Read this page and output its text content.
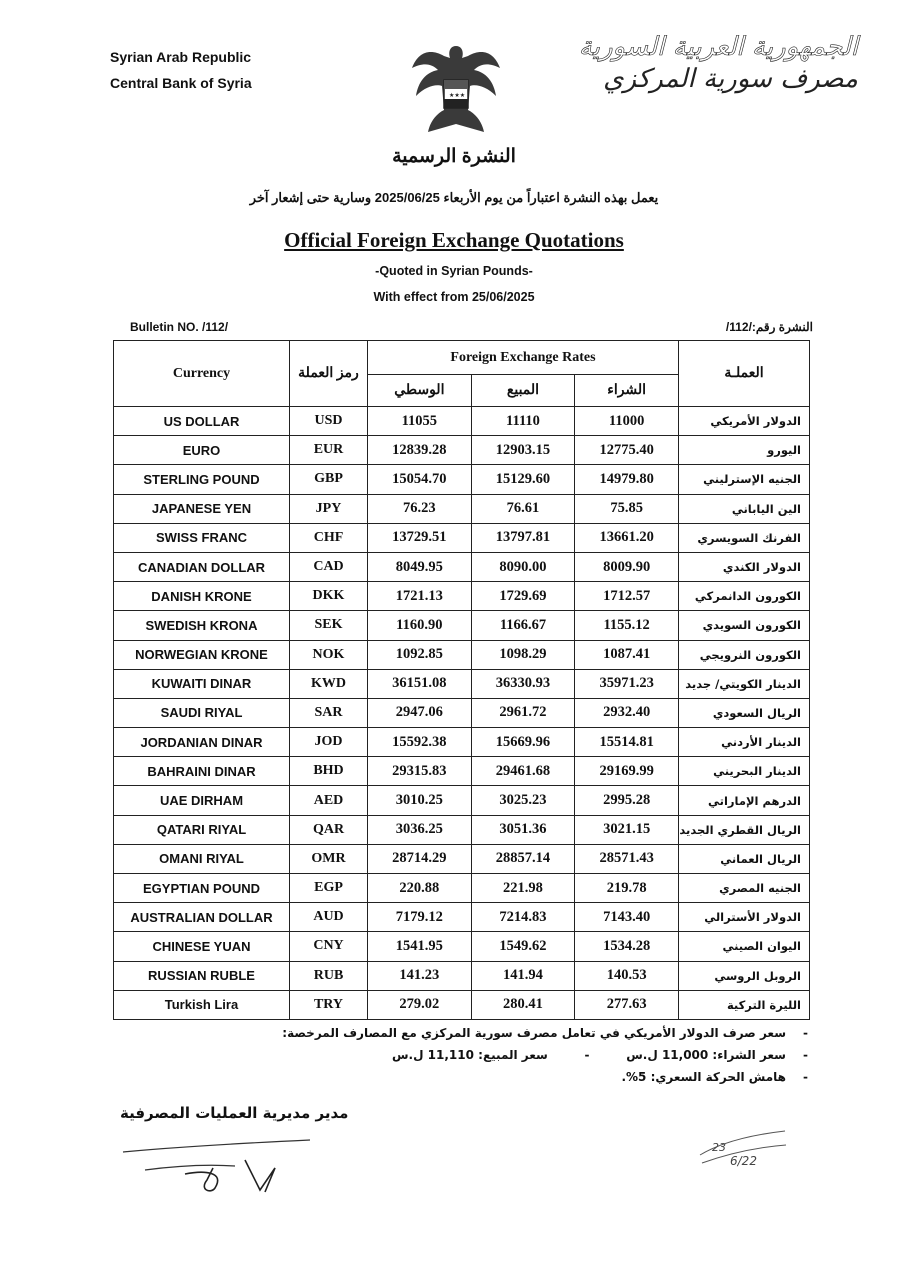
Syrian Arab Republic
Central Bank of Syria
★★★
الجمهورية العربية السورية
مصرف سورية المركزي
النشرة الرسمية
يعمل بهذه النشرة اعتباراً من يوم الأربعاء 2025/06/25 وسارية حتى إشعار آخر
Official Foreign Exchange Quotations
-Quoted in Syrian Pounds-
With effect from 25/06/2025
Bulletin NO. /112/	النشرة رقم:/112/
Currency	رمز العملة	Foreign Exchange Rates			العملـة
		الوسطي	المبيع	الشراء	
US DOLLAR	USD	11055	11110	11000	الدولار الأمريكي
EURO	EUR	12839.28	12903.15	12775.40	اليورو
STERLING POUND	GBP	15054.70	15129.60	14979.80	الجنيه الإسترليني
JAPANESE YEN	JPY	76.23	76.61	75.85	الين الياباني
SWISS FRANC	CHF	13729.51	13797.81	13661.20	الفرنك السويسري
CANADIAN DOLLAR	CAD	8049.95	8090.00	8009.90	الدولار الكندي
DANISH KRONE	DKK	1721.13	1729.69	1712.57	الكورون الدانمركي
SWEDISH KRONA	SEK	1160.90	1166.67	1155.12	الكورون السويدي
NORWEGIAN KRONE	NOK	1092.85	1098.29	1087.41	الكورون النرويجي
KUWAITI DINAR	KWD	36151.08	36330.93	35971.23	الدينار الكويتي/ جديد
SAUDI RIYAL	SAR	2947.06	2961.72	2932.40	الريال السعودي
JORDANIAN DINAR	JOD	15592.38	15669.96	15514.81	الدينار الأردني
BAHRAINI DINAR	BHD	29315.83	29461.68	29169.99	الدينار البحريني
UAE DIRHAM	AED	3010.25	3025.23	2995.28	الدرهم الإماراتي
QATARI RIYAL	QAR	3036.25	3051.36	3021.15	الريال القطري الجديد
OMANI RIYAL	OMR	28714.29	28857.14	28571.43	الريال العماني
EGYPTIAN POUND	EGP	220.88	221.98	219.78	الجنيه المصري
AUSTRALIAN DOLLAR	AUD	7179.12	7214.83	7143.40	الدولار الأسترالي
CHINESE YUAN	CNY	1541.95	1549.62	1534.28	اليوان الصيني
RUSSIAN RUBLE	RUB	141.23	141.94	140.53	الروبل الروسي
Turkish Lira	TRY	279.02	280.41	277.63	الليرة التركية
-
سعر صرف الدولار الأمريكي في تعامل مصرف سورية المركزي مع المصارف المرخصة:
-
سعر الشراء: 11,000 ل.س - سعر المبيع: 11,110 ل.س
-
هامش الحركة السعري: 5%.
مدير مديرية العمليات المصرفية
23
6/22
